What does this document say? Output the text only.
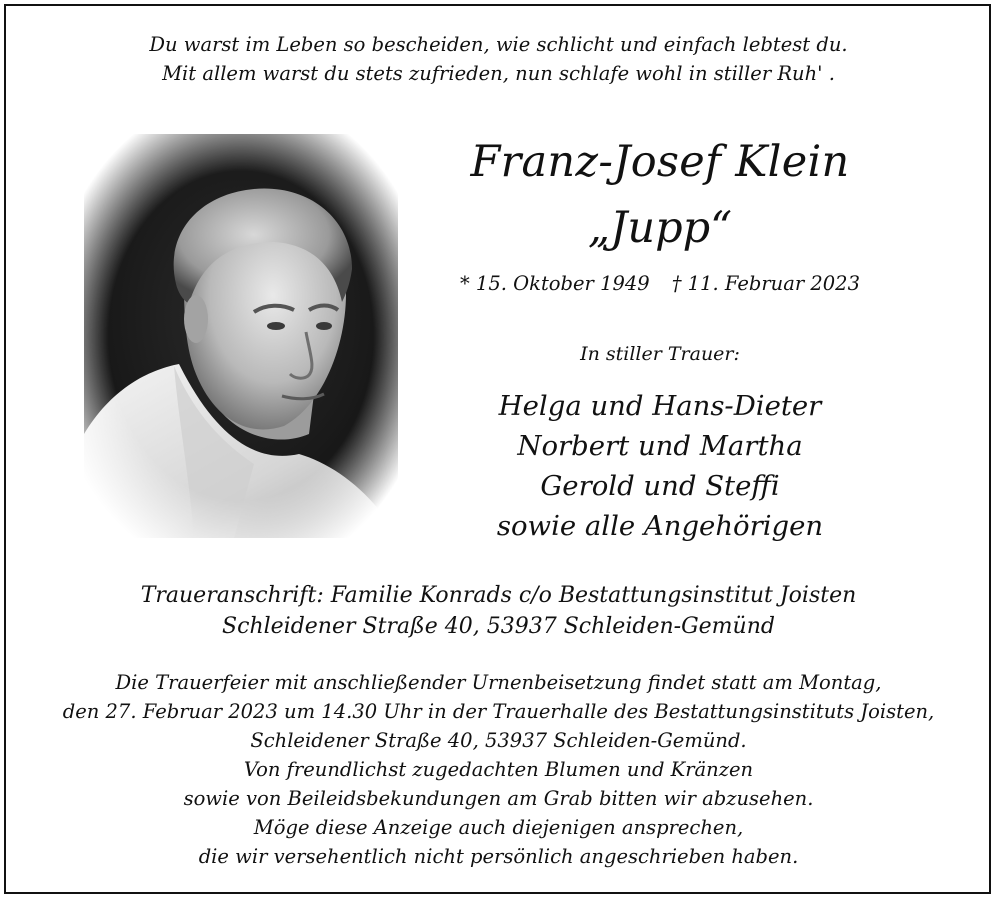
Du warst im Leben so bescheiden, wie schlicht und einfach lebtest du.
Mit allem warst du stets zufrieden, nun schlafe wohl in stiller Ruh' .
Franz-Josef Klein
„Jupp“
* 15. Oktober 1949 † 11. Februar 2023
In stiller Trauer:
Helga und Hans-Dieter
Norbert und Martha
Gerold und Steffi
sowie alle Angehörigen
Traueranschrift: Familie Konrads c/o Bestattungsinstitut Joisten
Schleidener Straße 40, 53937 Schleiden-Gemünd
Die Trauerfeier mit anschließender Urnenbeisetzung findet statt am Montag,
den 27. Februar 2023 um 14.30 Uhr in der Trauerhalle des Bestattungsinstituts Joisten,
Schleidener Straße 40, 53937 Schleiden-Gemünd.
Von freundlichst zugedachten Blumen und Kränzen
sowie von Beileidsbekundungen am Grab bitten wir abzusehen.
Möge diese Anzeige auch diejenigen ansprechen,
die wir versehentlich nicht persönlich angeschrieben haben.
